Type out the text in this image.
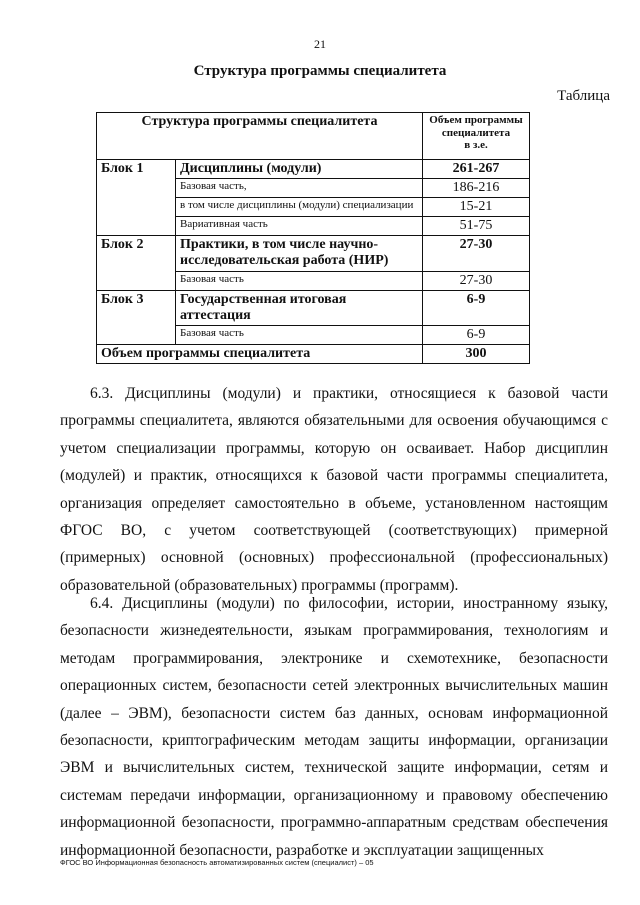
21
Структура программы специалитета
Таблица
Структура программы специалитета		Объем программы
специалитета
в з.е.

Блок 1	Дисциплины (модули)	261-267
	Базовая часть,	186-216
	в том числе дисциплины (модули) специализации	15-21
	Вариативная часть	51-75
Блок 2	Практики, в том числе научно-исследовательская работа (НИР)	27-30
	Базовая часть	27-30
Блок 3	Государственная итоговая аттестация	6-9
	Базовая часть	6-9
Объем программы специалитета		300

6.3. Дисциплины (модули) и практики, относящиеся к базовой части программы специалитета, являются обязательными для освоения обучающимся с учетом специализации программы, которую он осваивает. Набор дисциплин (модулей) и практик, относящихся к базовой части программы специалитета, организация определяет самостоятельно в объеме, установленном настоящим ФГОС ВО, с учетом соответствующей (соответствующих) примерной (примерных) основной (основных) профессиональной (профессиональных) образовательной (образовательных) программы (программ).

6.4. Дисциплины (модули) по философии, истории, иностранному языку, безопасности жизнедеятельности, языкам программирования, технологиям и методам программирования, электронике и схемотехнике, безопасности операционных систем, безопасности сетей электронных вычислительных машин (далее – ЭВМ), безопасности систем баз данных, основам информационной безопасности, криптографическим методам защиты информации, организации ЭВМ и вычислительных систем, технической защите информации, сетям и системам передачи информации, организационному и правовому обеспечению информационной безопасности, программно-аппаратным средствам обеспечения информационной безопасности, разработке и эксплуатации защищенных

ФГОС ВО Информационная безопасность автоматизированных систем (специалист) – 05
